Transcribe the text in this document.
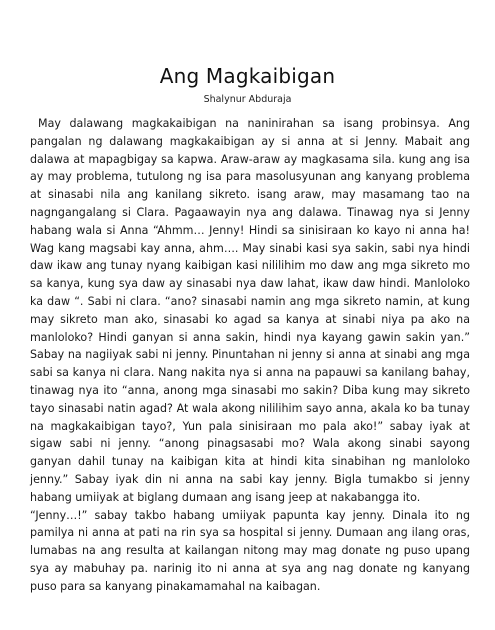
Ang Magkaibigan

Shalynur Abduraja

May dalawang magkakaibigan na naninirahan sa isang probinsya. Ang pangalan ng dalawang magkakaibigan ay si anna at si Jenny. Mabait ang dalawa at mapagbigay sa kapwa. Araw-araw ay magkasama sila. kung ang isa ay may problema, tutulong ng isa para masolusyunan ang kanyang problema at sinasabi nila ang kanilang sikreto. isang araw, may masamang tao na nagngangalang si Clara. Pagaawayin nya ang dalawa. Tinawag nya si Jenny habang wala si Anna “Ahmm… Jenny! Hindi sa sinisiraan ko kayo ni anna ha! Wag kang magsabi kay anna, ahm…. May sinabi kasi sya sakin, sabi nya hindi daw ikaw ang tunay nyang kaibigan kasi nililihim mo daw ang mga sikreto mo sa kanya, kung sya daw ay sinasabi nya daw lahat, ikaw daw hindi. Manloloko ka daw “. Sabi ni clara. “ano? sinasabi namin ang mga sikreto namin, at kung may sikreto man ako, sinasabi ko agad sa kanya at sinabi niya pa ako na manloloko? Hindi ganyan si anna sakin, hindi nya kayang gawin sakin yan.” Sabay na nagiiyak sabi ni jenny. Pinuntahan ni jenny si anna at sinabi ang mga sabi sa kanya ni clara. Nang nakita nya si anna na papauwi sa kanilang bahay, tinawag nya ito “anna, anong mga sinasabi mo sakin? Diba kung may sikreto tayo sinasabi natin agad? At wala akong nililihim sayo anna, akala ko ba tunay na magkakaibigan tayo?, Yun pala sinisiraan mo pala ako!” sabay iyak at sigaw sabi ni jenny. “anong pinagsasabi mo? Wala akong sinabi sayong ganyan dahil tunay na kaibigan kita at hindi kita sinabihan ng manloloko jenny.” Sabay iyak din ni anna na sabi kay jenny. Bigla tumakbo si jenny habang umiiyak at biglang dumaan ang isang jeep at nakabangga ito.

“Jenny…!” sabay takbo habang umiiyak papunta kay jenny. Dinala ito ng pamilya ni anna at pati na rin sya sa hospital si jenny. Dumaan ang ilang oras, lumabas na ang resulta at kailangan nitong may mag donate ng puso upang sya ay mabuhay pa. narinig ito ni anna at sya ang nag donate ng kanyang puso para sa kanyang pinakamamahal na kaibagan.
